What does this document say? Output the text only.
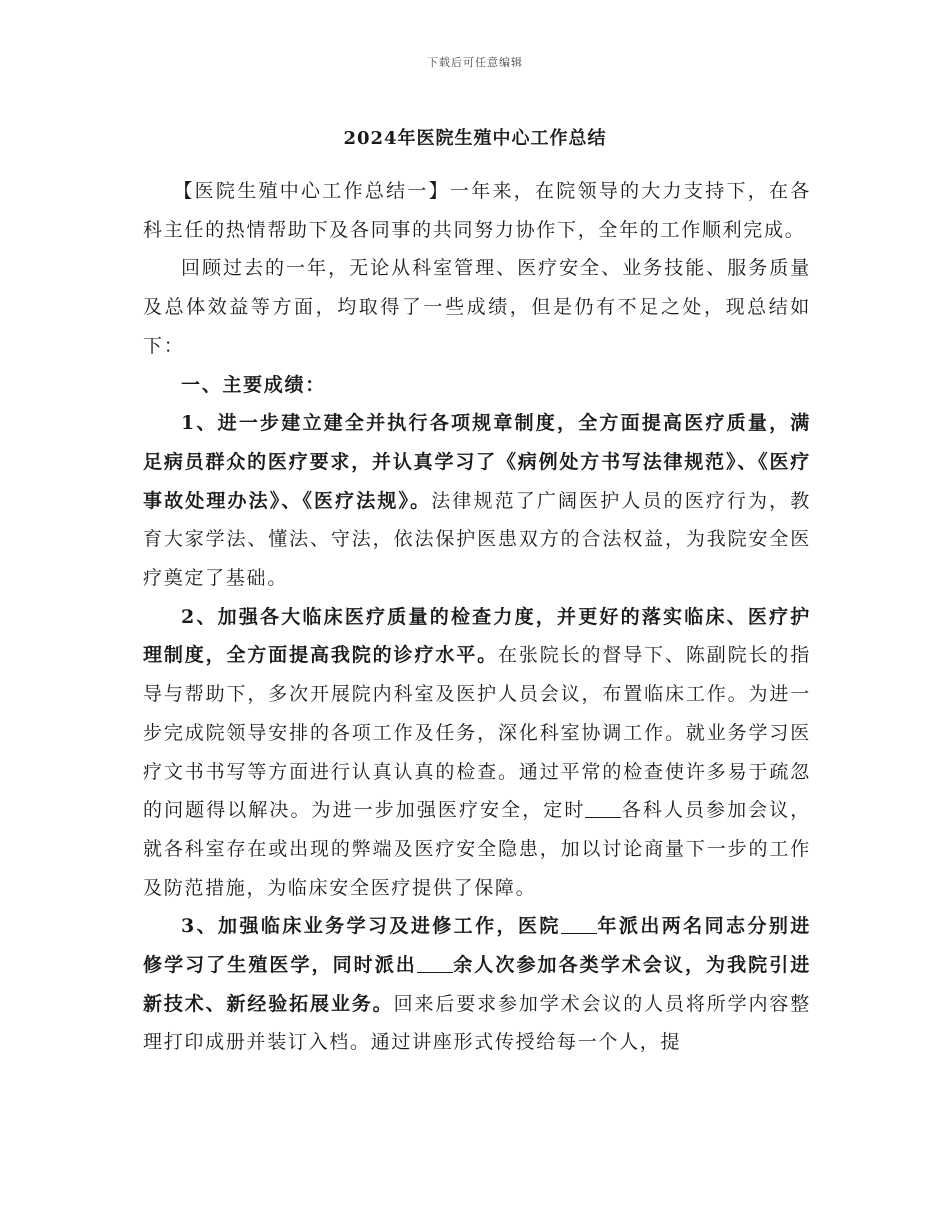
下载后可任意编辑
2024年医院生殖中心工作总结

【医院生殖中心工作总结一】一年来，在院领导的大力支持下，在各科主任的热情帮助下及各同事的共同努力协作下，全年的工作顺利完成。

回顾过去的一年，无论从科室管理、医疗安全、业务技能、服务质量及总体效益等方面，均取得了一些成绩，但是仍有不足之处，现总结如下：

一、主要成绩：

1、进一步建立建全并执行各项规章制度，全方面提高医疗质量，满足病员群众的医疗要求，并认真学习了《病例处方书写法律规范》、《医疗事故处理办法》、《医疗法规》。法律规范了广阔医护人员的医疗行为，教育大家学法、懂法、守法，依法保护医患双方的合法权益，为我院安全医疗奠定了基础。

2、加强各大临床医疗质量的检查力度，并更好的落实临床、医疗护理制度，全方面提高我院的诊疗水平。在张院长的督导下、陈副院长的指导与帮助下，多次开展院内科室及医护人员会议，布置临床工作。为进一步完成院领导安排的各项工作及任务，深化科室协调工作。就业务学习医疗文书书写等方面进行认真认真的检查。通过平常的检查使许多易于疏忽的问题得以解决。为进一步加强医疗安全，定时 各科人员参加会议，就各科室存在或出现的弊端及医疗安全隐患，加以讨论商量下一步的工作及防范措施，为临床安全医疗提供了保障。

3、加强临床业务学习及进修工作，医院 年派出两名同志分别进修学习了生殖医学，同时派出 余人次参加各类学术会议，为我院引进新技术、新经验拓展业务。回来后要求参加学术会议的人员将所学内容整理打印成册并装订入档。通过讲座形式传授给每一个人，提
